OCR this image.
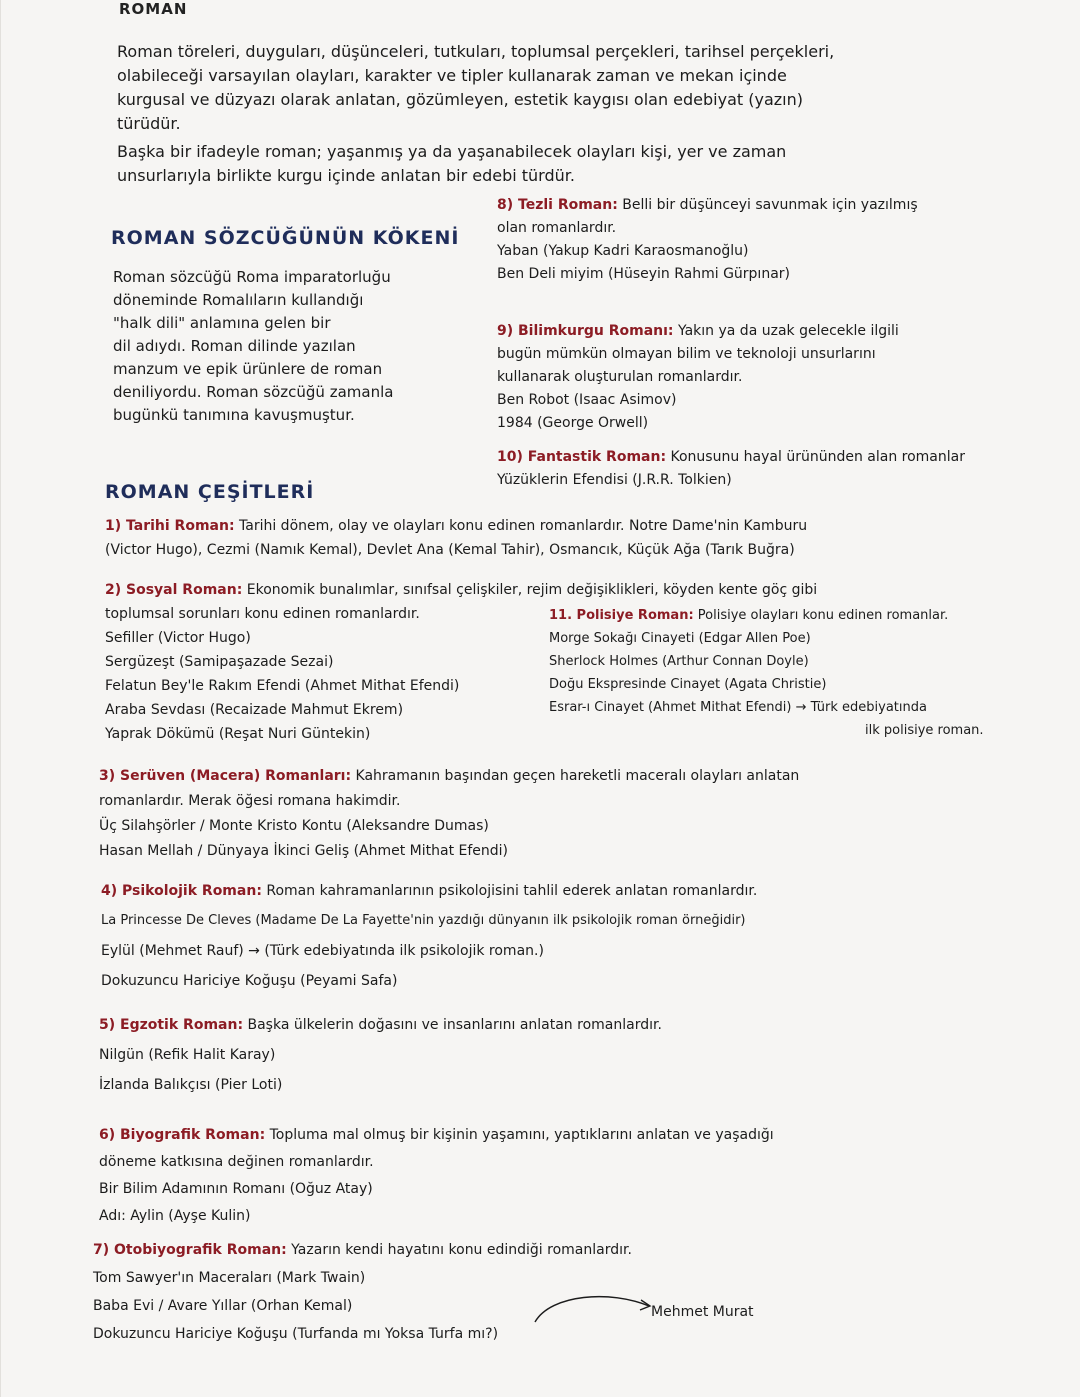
ROMAN
Roman töreleri, duyguları, düşünceleri, tutkuları, toplumsal perçekleri, tarihsel perçekleri,
olabileceği varsayılan olayları, karakter ve tipler kullanarak zaman ve mekan içinde
kurgusal ve düzyazı olarak anlatan, gözümleyen, estetik kaygısı olan edebiyat (yazın)
türüdür.
Başka bir ifadeyle roman; yaşanmış ya da yaşanabilecek olayları kişi, yer ve zaman
unsurlarıyla birlikte kurgu içinde anlatan bir edebi türdür.
ROMAN SÖZCÜĞÜNÜN KÖKENİ
Roman sözcüğü Roma imparatorluğu
döneminde Romalıların kullandığı
"halk dili" anlamına gelen bir
dil adıydı. Roman dilinde yazılan
manzum ve epik ürünlere de roman
deniliyordu. Roman sözcüğü zamanla
bugünkü tanımına kavuşmuştur.
8) Tezli Roman: Belli bir düşünceyi savunmak için yazılmış
olan romanlardır.
Yaban (Yakup Kadri Karaosmanoğlu)
Ben Deli miyim (Hüseyin Rahmi Gürpınar)
9) Bilimkurgu Romanı: Yakın ya da uzak gelecekle ilgili
bugün mümkün olmayan bilim ve teknoloji unsurlarını
kullanarak oluşturulan romanlardır.
Ben Robot (Isaac Asimov)
1984 (George Orwell)
10) Fantastik Roman: Konusunu hayal ürününden alan romanlar
Yüzüklerin Efendisi (J.R.R. Tolkien)
ROMAN ÇEŞİTLERİ
1) Tarihi Roman: Tarihi dönem, olay ve olayları konu edinen romanlardır. Notre Dame'nin Kamburu
(Victor Hugo), Cezmi (Namık Kemal), Devlet Ana (Kemal Tahir), Osmancık, Küçük Ağa (Tarık Buğra)
2) Sosyal Roman: Ekonomik bunalımlar, sınıfsal çelişkiler, rejim değişiklikleri, köyden kente göç gibi
toplumsal sorunları konu edinen romanlardır.
Sefiller (Victor Hugo)
Sergüzeşt (Samipaşazade Sezai)
Felatun Bey'le Rakım Efendi (Ahmet Mithat Efendi)
Araba Sevdası (Recaizade Mahmut Ekrem)
Yaprak Dökümü (Reşat Nuri Güntekin)
11. Polisiye Roman: Polisiye olayları konu edinen romanlar.
Morge Sokağı Cinayeti (Edgar Allen Poe)
Sherlock Holmes (Arthur Connan Doyle)
Doğu Ekspresinde Cinayet (Agata Christie)
Esrar-ı Cinayet (Ahmet Mithat Efendi) → Türk edebiyatında
ilk polisiye roman.
3) Serüven (Macera) Romanları: Kahramanın başından geçen hareketli maceralı olayları anlatan
romanlardır. Merak öğesi romana hakimdir.
Üç Silahşörler / Monte Kristo Kontu (Aleksandre Dumas)
Hasan Mellah / Dünyaya İkinci Geliş (Ahmet Mithat Efendi)
4) Psikolojik Roman: Roman kahramanlarının psikolojisini tahlil ederek anlatan romanlardır.
La Princesse De Cleves (Madame De La Fayette'nin yazdığı dünyanın ilk psikolojik roman örneğidir)
Eylül (Mehmet Rauf) → (Türk edebiyatında ilk psikolojik roman.)
Dokuzuncu Hariciye Koğuşu (Peyami Safa)
5) Egzotik Roman: Başka ülkelerin doğasını ve insanlarını anlatan romanlardır.
Nilgün (Refik Halit Karay)
İzlanda Balıkçısı (Pier Loti)
6) Biyografik Roman: Topluma mal olmuş bir kişinin yaşamını, yaptıklarını anlatan ve yaşadığı
döneme katkısına değinen romanlardır.
Bir Bilim Adamının Romanı (Oğuz Atay)
Adı: Aylin (Ayşe Kulin)
7) Otobiyografik Roman: Yazarın kendi hayatını konu edindiği romanlardır.
Tom Sawyer'ın Maceraları (Mark Twain)
Baba Evi / Avare Yıllar (Orhan Kemal)
Dokuzuncu Hariciye Koğuşu (Turfanda mı Yoksa Turfa mı?)
Mehmet Murat
